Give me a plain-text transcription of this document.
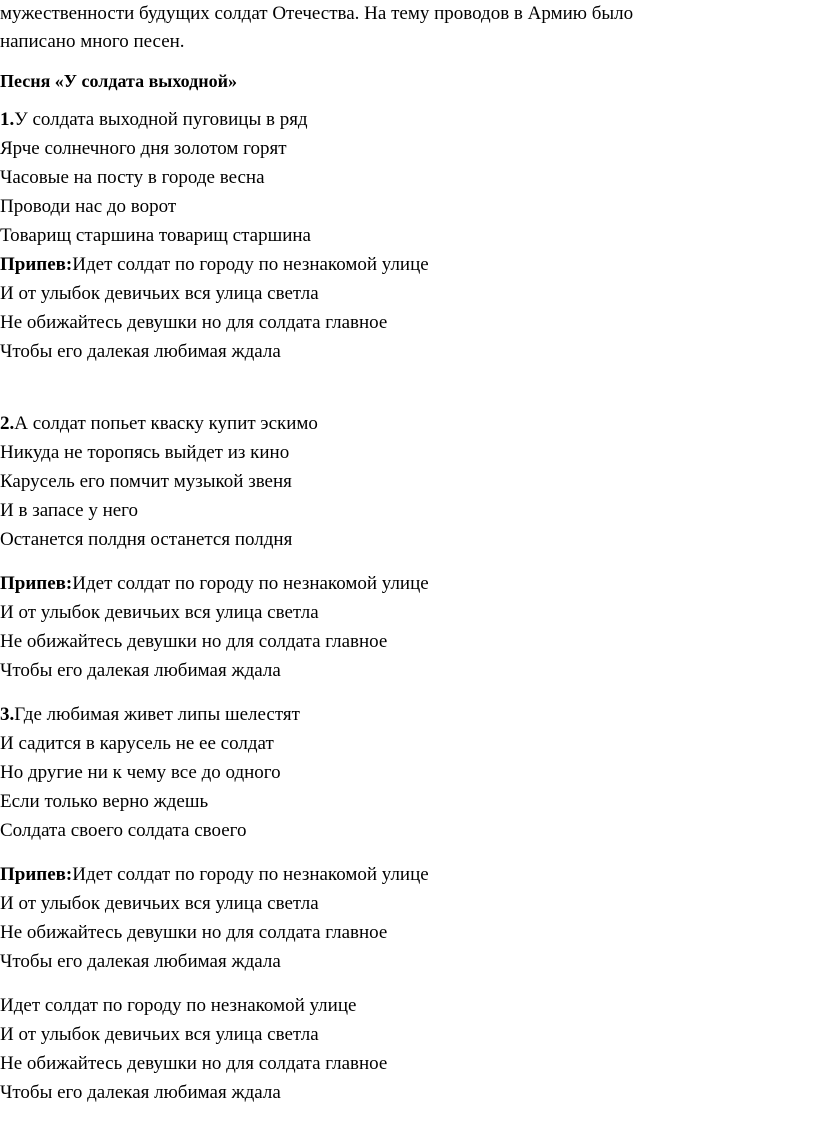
мужественности будущих солдат Отечества. На тему проводов в Армию было

написано много песен.

Песня «У солдата выходной»

1.У солдата выходной пуговицы в ряд

Ярче солнечного дня золотом горят

Часовые на посту в городе весна

Проводи нас до ворот

Товарищ старшина товарищ старшина

Припев:Идет солдат по городу по незнакомой улице

И от улыбок девичьих вся улица светла

Не обижайтесь девушки но для солдата главное

Чтобы его далекая любимая ждала

2.А солдат попьет кваску купит эскимо

Никуда не торопясь выйдет из кино

Карусель его помчит музыкой звеня

И в запасе у него

Останется полдня останется полдня

Припев:Идет солдат по городу по незнакомой улице

И от улыбок девичьих вся улица светла

Не обижайтесь девушки но для солдата главное

Чтобы его далекая любимая ждала

3.Где любимая живет липы шелестят

И садится в карусель не ее солдат

Но другие ни к чему все до одного

Если только верно ждешь

Солдата своего солдата своего

Припев:Идет солдат по городу по незнакомой улице

И от улыбок девичьих вся улица светла

Не обижайтесь девушки но для солдата главное

Чтобы его далекая любимая ждала

Идет солдат по городу по незнакомой улице

И от улыбок девичьих вся улица светла

Не обижайтесь девушки но для солдата главное

Чтобы его далекая любимая ждала
